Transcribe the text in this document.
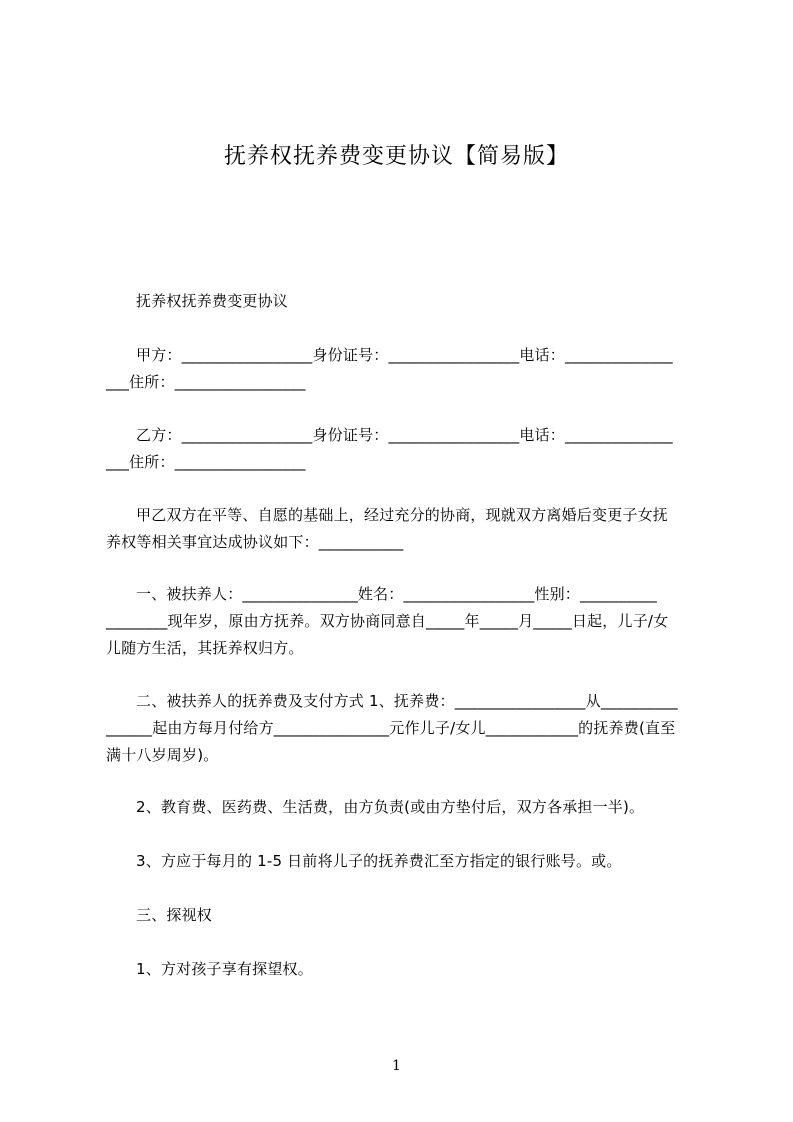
抚养权抚养费变更协议【简易版】
抚养权抚养费变更协议
甲方：_________________身份证号：_________________电话：______________
___住所：_________________
乙方：_________________身份证号：_________________电话：______________
___住所：_________________
甲乙双方在平等、自愿的基础上，经过充分的协商，现就双方离婚后变更子女抚
养权等相关事宜达成协议如下：___________
一、被扶养人：_______________姓名：_________________性别：__________
________现年岁，原由方抚养。双方协商同意自_____年_____月_____日起，儿子/女
儿随方生活，其抚养权归方。
二、被扶养人的抚养费及支付方式 1、抚养费：_________________从__________
______起由方每月付给方_______________元作儿子/女儿____________的抚养费(直至
满十八岁周岁)。
2、教育费、医药费、生活费，由方负责(或由方垫付后，双方各承担一半)。
3、方应于每月的 1-5 日前将儿子的抚养费汇至方指定的银行账号。或。
三、探视权
1、方对孩子享有探望权。
1
